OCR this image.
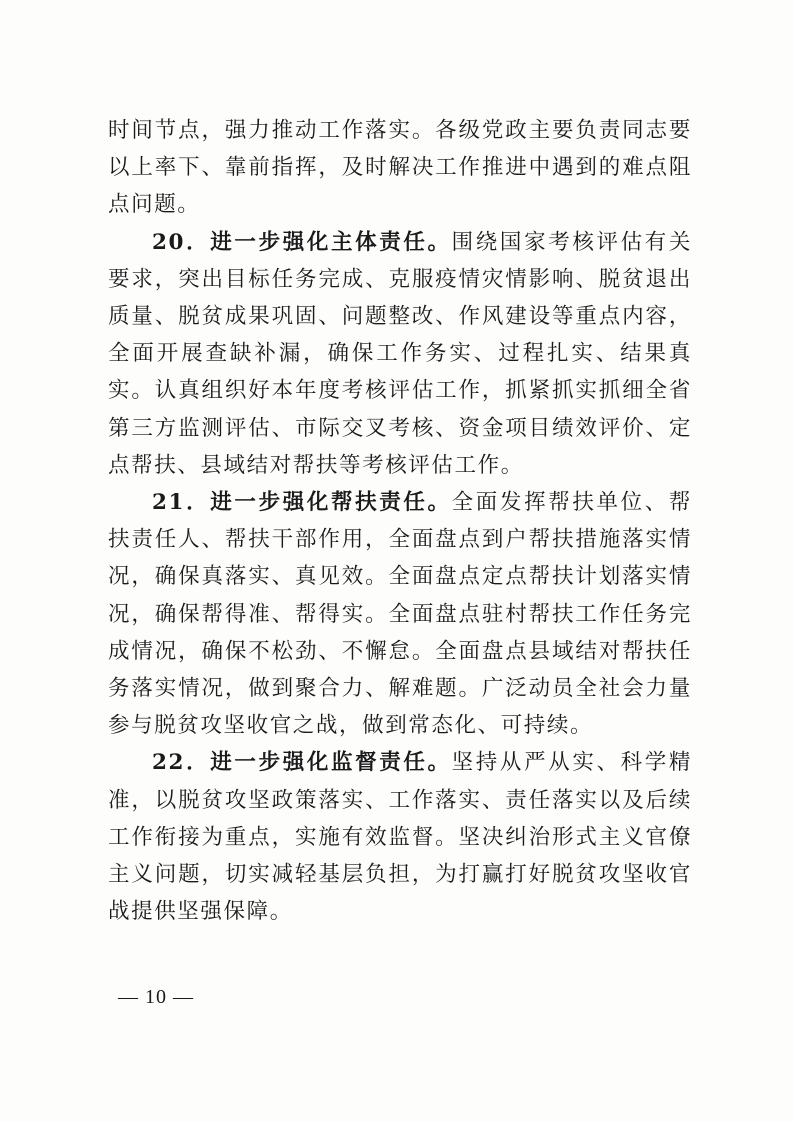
时间节点，强力推动工作落实。各级党政主要负责同志要以上率下、靠前指挥，及时解决工作推进中遇到的难点阻点问题。

20．进一步强化主体责任。围绕国家考核评估有关要求，突出目标任务完成、克服疫情灾情影响、脱贫退出质量、脱贫成果巩固、问题整改、作风建设等重点内容，全面开展查缺补漏，确保工作务实、过程扎实、结果真实。认真组织好本年度考核评估工作，抓紧抓实抓细全省第三方监测评估、市际交叉考核、资金项目绩效评价、定点帮扶、县域结对帮扶等考核评估工作。

21．进一步强化帮扶责任。全面发挥帮扶单位、帮扶责任人、帮扶干部作用，全面盘点到户帮扶措施落实情况，确保真落实、真见效。全面盘点定点帮扶计划落实情况，确保帮得准、帮得实。全面盘点驻村帮扶工作任务完成情况，确保不松劲、不懈怠。全面盘点县域结对帮扶任务落实情况，做到聚合力、解难题。广泛动员全社会力量参与脱贫攻坚收官之战，做到常态化、可持续。

22．进一步强化监督责任。坚持从严从实、科学精准，以脱贫攻坚政策落实、工作落实、责任落实以及后续工作衔接为重点，实施有效监督。坚决纠治形式主义官僚主义问题，切实减轻基层负担，为打赢打好脱贫攻坚收官战提供坚强保障。

— 10 —
